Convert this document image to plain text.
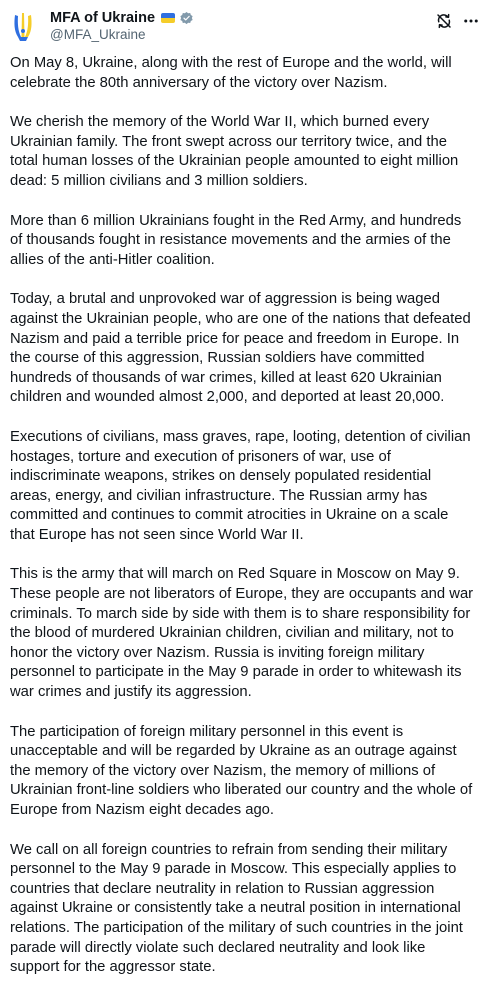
MFA of Ukraine
@MFA_Ukraine

On May 8, Ukraine, along with the rest of Europe and the world, will celebrate the 80th anniversary of the victory over Nazism.

We cherish the memory of the World War II, which burned every Ukrainian family. The front swept across our territory twice, and the total human losses of the Ukrainian people amounted to eight million dead: 5 million civilians and 3 million soldiers.

More than 6 million Ukrainians fought in the Red Army, and hundreds of thousands fought in resistance movements and the armies of the allies of the anti-Hitler coalition.

Today, a brutal and unprovoked war of aggression is being waged against the Ukrainian people, who are one of the nations that defeated Nazism and paid a terrible price for peace and freedom in Europe. In the course of this aggression, Russian soldiers have committed hundreds of thousands of war crimes, killed at least 620 Ukrainian children and wounded almost 2,000, and deported at least 20,000.

Executions of civilians, mass graves, rape, looting, detention of civilian hostages, torture and execution of prisoners of war, use of indiscriminate weapons, strikes on densely populated residential areas, energy, and civilian infrastructure. The Russian army has committed and continues to commit atrocities in Ukraine on a scale that Europe has not seen since World War II.

This is the army that will march on Red Square in Moscow on May 9. These people are not liberators of Europe, they are occupants and war criminals. To march side by side with them is to share responsibility for the blood of murdered Ukrainian children, civilian and military, not to honor the victory over Nazism. Russia is inviting foreign military personnel to participate in the May 9 parade in order to whitewash its war crimes and justify its aggression.

The participation of foreign military personnel in this event is unacceptable and will be regarded by Ukraine as an outrage against the memory of the victory over Nazism, the memory of millions of Ukrainian front-line soldiers who liberated our country and the whole of Europe from Nazism eight decades ago.

We call on all foreign countries to refrain from sending their military personnel to the May 9 parade in Moscow. This especially applies to countries that declare neutrality in relation to Russian aggression against Ukraine or consistently take a neutral position in international relations. The participation of the military of such countries in the joint parade will directly violate such declared neutrality and look like support for the aggressor state.
